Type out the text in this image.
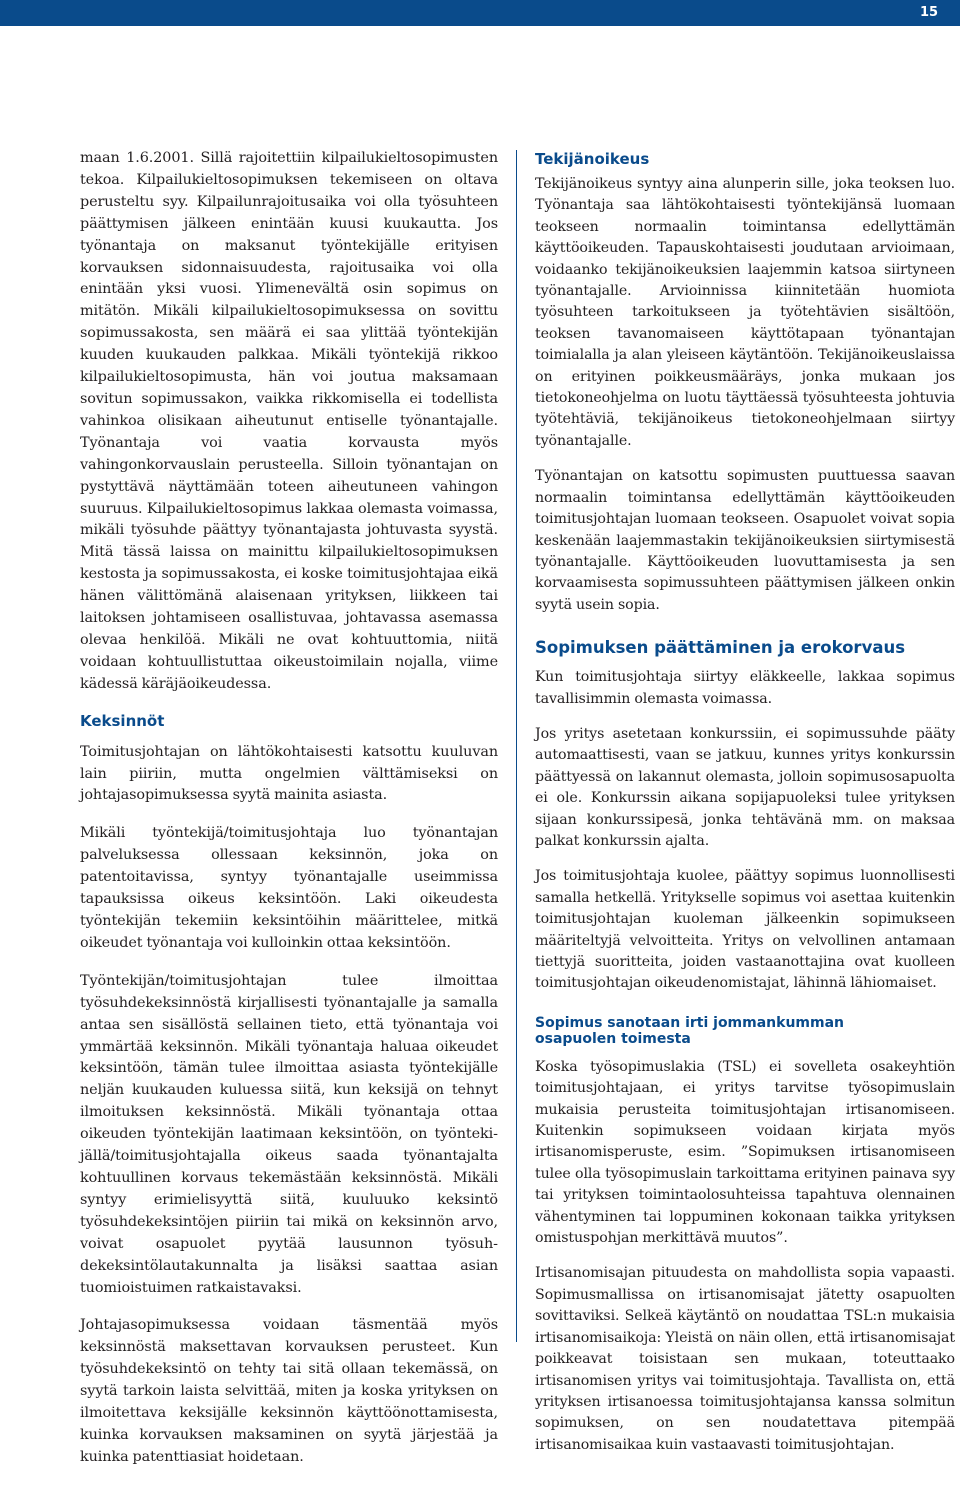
15

maan 1.6.2001. Sillä rajoitettiin kilpailukieltosopimusten tekoa. Kilpailukieltosopimuksen tekemiseen on oltava perusteltu syy. Kilpailunrajoitusaika voi olla työsuhteen päättymisen jälkeen enintään kuusi kuukautta. Jos työnantaja on maksanut työntekijälle erityisen korvauksen sidonnaisuudesta, rajoitusaika voi olla enintään yksi vuosi. Ylimenevältä osin sopimus on mitätön. Mikäli kilpailukieltosopimuksessa on sovittu sopimussakosta, sen määrä ei saa ylittää työntekijän kuuden kuukauden palkkaa. Mikäli työntekijä rikkoo kilpailukieltosopimusta, hän voi joutua maksamaan sovitun sopimussakon, vaikka rikkomisella ei todellista vahinkoa olisikaan aiheutunut entiselle työnantajalle. Työnantaja voi vaatia korvausta myös vahingonkorvauslain perusteella. Silloin työnantajan on pystyttävä näyttämään toteen aiheutuneen vahingon suuruus. Kilpailukieltosopimus lakkaa olemasta voimassa, mikäli työsuhde päättyy työnantajasta johtuvasta syystä. Mitä tässä laissa on mainittu kilpailukieltosopimuksen kestosta ja sopimussakosta, ei koske toimitusjohtajaa eikä hänen välittömänä alaisenaan yrityksen, liikkeen tai laitoksen johtamiseen osallistuvaa, johtavassa asemassa olevaa henkilöä. Mikäli ne ovat kohtuuttomia, niitä voidaan kohtuullistuttaa oikeustoimilain nojalla, viime kädessä käräjäoikeudessa.

Keksinnöt

Toimitusjohtajan on lähtökohtaisesti katsottu kuuluvan lain piiriin, mutta ongelmien välttämiseksi on johtajasopimuksessa syytä mainita asiasta.

Mikäli työntekijä/toimitusjohtaja luo työnantajan palveluksessa ollessaan keksinnön, joka on patentoitavissa, syntyy työnantajalle useimmissa tapauksissa oikeus keksintöön. Laki oikeudesta työntekijän tekemiin keksintöihin määrittelee, mitkä oikeudet työnantaja voi kulloinkin ottaa keksintöön.

Työntekijän/toimitusjohtajan tulee ilmoittaa työsuhdekeksinnöstä kirjallisesti työnantajalle ja samalla antaa sen sisällöstä sellainen tieto, että työnantaja voi ymmärtää keksinnön. Mikäli työnantaja haluaa oikeudet keksintöön, tämän tulee ilmoittaa asiasta työntekijälle neljän kuukauden kuluessa siitä, kun keksijä on tehnyt ilmoituksen keksinnöstä. Mikäli työnantaja ottaa oikeuden työntekijän laatimaan keksintöön, on työntekijällä/toimitusjohtajalla oikeus saada työnantajalta kohtuullinen korvaus tekemästään keksinnöstä. Mikäli syntyy erimielisyyttä siitä, kuuluuko keksintö työsuhdekeksintöjen piiriin tai mikä on keksinnön arvo, voivat osapuolet pyytää lausunnon työsuhdekeksintölautakunnalta ja lisäksi saattaa asian tuomioistuimen ratkaistavaksi.

Johtajasopimuksessa voidaan täsmentää myös keksinnöstä maksettavan korvauksen perusteet. Kun työsuhdekeksintö on tehty tai sitä ollaan tekemässä, on syytä tarkoin laista selvittää, miten ja koska yrityksen on ilmoitettava keksijälle keksinnön käyttöönottamisesta, kuinka korvauksen maksaminen on syytä järjestää ja kuinka patenttiasiat hoidetaan.

Tekijänoikeus

Tekijänoikeus syntyy aina alunperin sille, joka teoksen luo. Työnantaja saa lähtökohtaisesti työntekijänsä luomaan teokseen normaalin toimintansa edellyttämän käyttöoikeuden. Tapauskohtaisesti joudutaan arvioimaan, voidaanko tekijänoikeuksien laajemmin katsoa siirtyneen työnantajalle. Arvioinnissa kiinnitetään huomiota työsuhteen tarkoitukseen ja työtehtävien sisältöön, teoksen tavanomaiseen käyttötapaan työnantajan toimialalla ja alan yleiseen käytäntöön. Tekijänoikeuslaissa on erityinen poikkeusmääräys, jonka mukaan jos tietokoneohjelma on luotu täyttäessä työsuhteesta johtuvia työtehtäviä, tekijänoikeus tietokoneohjelmaan siirtyy työnantajalle.

Työnantajan on katsottu sopimusten puuttuessa saavan normaalin toimintansa edellyttämän käyttöoikeuden toimitusjohtajan luomaan teokseen. Osapuolet voivat sopia keskenään laajemmastakin tekijänoikeuksien siirtymisestä työnantajalle. Käyttöoikeuden luovuttamisesta ja sen korvaamisesta sopimussuhteen päättymisen jälkeen onkin syytä usein sopia.

Sopimuksen päättäminen ja erokorvaus

Kun toimitusjohtaja siirtyy eläkkeelle, lakkaa sopimus tavallisimmin olemasta voimassa.

Jos yritys asetetaan konkurssiin, ei sopimussuhde pääty automaattisesti, vaan se jatkuu, kunnes yritys konkurssin päättyessä on lakannut olemasta, jolloin sopimusosapuolta ei ole. Konkurssin aikana sopijapuoleksi tulee yrityksen sijaan konkurssipesä, jonka tehtävänä mm. on maksaa palkat konkurssin ajalta.

Jos toimitusjohtaja kuolee, päättyy sopimus luonnollisesti samalla hetkellä. Yritykselle sopimus voi asettaa kuitenkin toimitusjohtajan kuoleman jälkeenkin sopimukseen määriteltyjä velvoitteita. Yritys on velvollinen antamaan tiettyjä suoritteita, joiden vastaanottajina ovat kuolleen toimitusjohtajan oikeudenomistajat, lähinnä lähiomaiset.

Sopimus sanotaan irti jommankumman
osapuolen toimesta

Koska työsopimuslakia (TSL) ei sovelleta osakeyhtiön toimitusjohtajaan, ei yritys tarvitse työsopimuslain mukaisia perusteita toimitusjohtajan irtisanomiseen. Kuitenkin sopimukseen voidaan kirjata myös irtisanomisperuste, esim. ”Sopimuksen irtisanomiseen tulee olla työsopimuslain tarkoittama erityinen painava syy tai yrityksen toimintaolosuhteissa tapahtuva olennainen vähentyminen tai loppuminen kokonaan taikka yrityksen omistuspohjan merkittävä muutos”.

Irtisanomisajan pituudesta on mahdollista sopia vapaasti. Sopimusmallissa on irtisanomisajat jätetty osapuolten sovittaviksi. Selkeä käytäntö on noudattaa TSL:n mukaisia irtisanomisaikoja: Yleistä on näin ollen, että irtisanomisajat poikkeavat toisistaan sen mukaan, toteuttaako irtisanomisen yritys vai toimitusjohtaja. Tavallista on, että yrityksen irtisanoessa toimitusjohtajansa kanssa solmitun sopimuksen, on sen noudatettava pitempää irtisanomisaikaa kuin vastaavasti toimitusjohtajan.
